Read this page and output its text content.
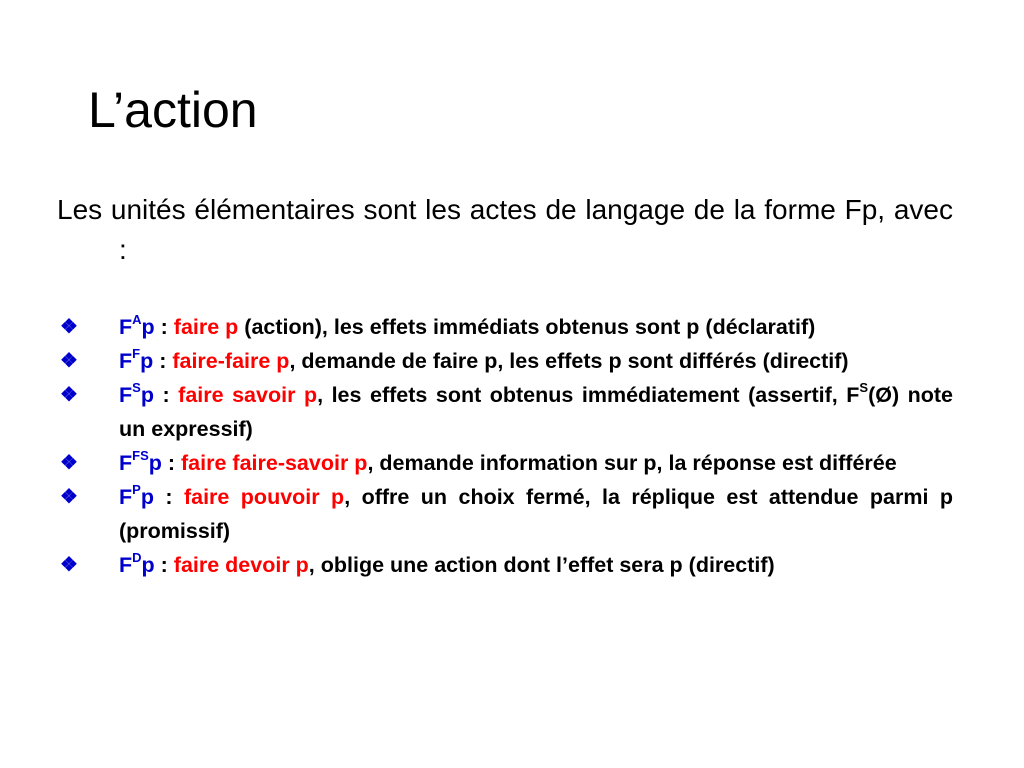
L’action
Les unités élémentaires sont les actes de langage de la forme Fp, avec :
❖ $F^Ap$ : faire p (action), les effets immédiats obtenus sont p (déclaratif)
❖ $F^Fp$ : faire-faire p, demande de faire p, les effets p sont différés (directif)
❖ $F^Sp$ : faire savoir p, les effets sont obtenus immédiatement (assertif, $F^S(Ø)$ note un expressif)
❖ $F^{FS}p$ : faire faire-savoir p, demande information sur p, la réponse est différée
❖ $F^Pp$ : faire pouvoir p, offre un choix fermé, la réplique est attendue parmi p (promissif)
❖ $F^Dp$ : faire devoir p, oblige une action dont l’effet sera p (directif)
